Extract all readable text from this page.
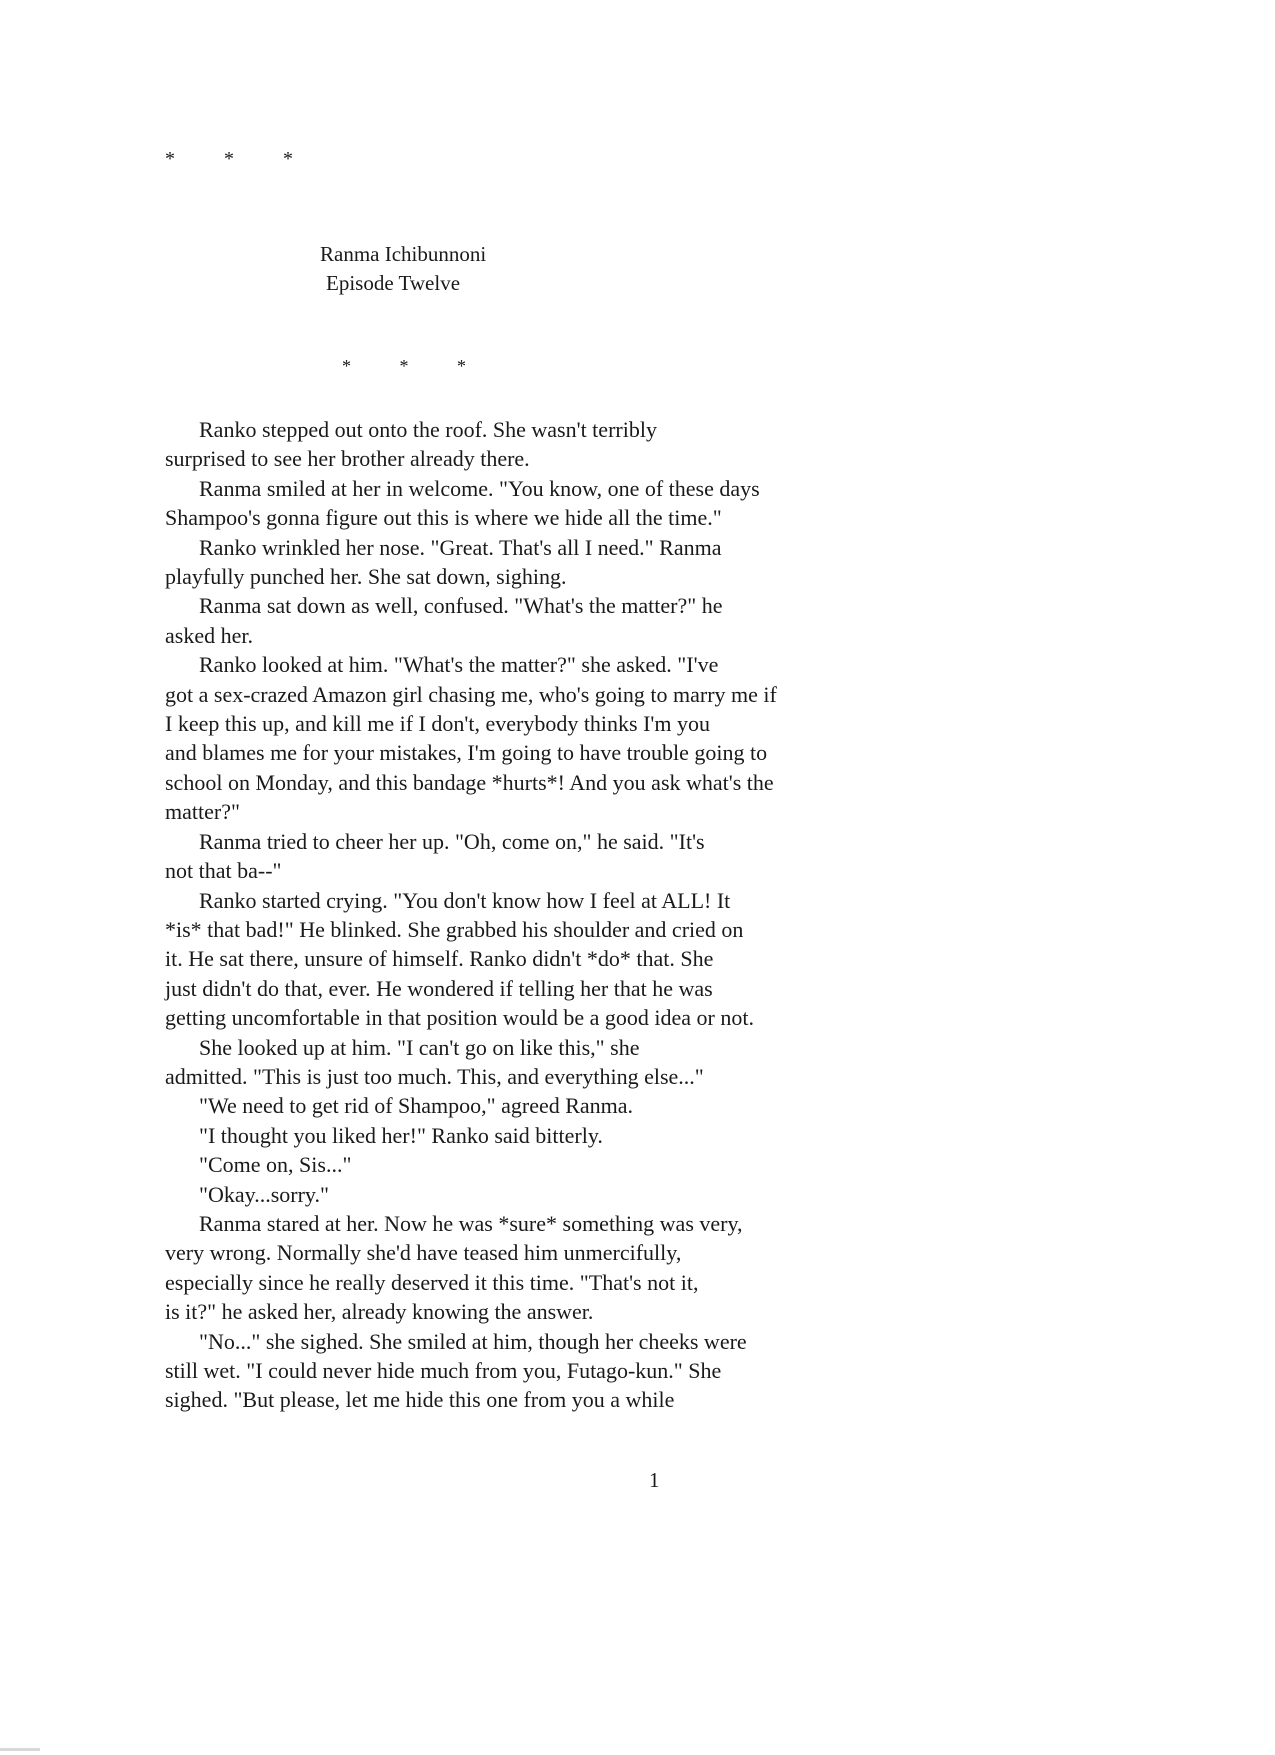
* * *
Ranma Ichibunnoni
Episode Twelve
* * *
Ranko stepped out onto the roof. She wasn't terribly
surprised to see her brother already there.
Ranma smiled at her in welcome. "You know, one of these days
Shampoo's gonna figure out this is where we hide all the time."
Ranko wrinkled her nose. "Great. That's all I need." Ranma
playfully punched her. She sat down, sighing.
Ranma sat down as well, confused. "What's the matter?" he
asked her.
Ranko looked at him. "What's the matter?" she asked. "I've
got a sex-crazed Amazon girl chasing me, who's going to marry me if
I keep this up, and kill me if I don't, everybody thinks I'm you
and blames me for your mistakes, I'm going to have trouble going to
school on Monday, and this bandage *hurts*! And you ask what's the
matter?"
Ranma tried to cheer her up. "Oh, come on," he said. "It's
not that ba--"
Ranko started crying. "You don't know how I feel at ALL! It
*is* that bad!" He blinked. She grabbed his shoulder and cried on
it. He sat there, unsure of himself. Ranko didn't *do* that. She
just didn't do that, ever. He wondered if telling her that he was
getting uncomfortable in that position would be a good idea or not.
She looked up at him. "I can't go on like this," she
admitted. "This is just too much. This, and everything else..."
"We need to get rid of Shampoo," agreed Ranma.
"I thought you liked her!" Ranko said bitterly.
"Come on, Sis..."
"Okay...sorry."
Ranma stared at her. Now he was *sure* something was very,
very wrong. Normally she'd have teased him unmercifully,
especially since he really deserved it this time. "That's not it,
is it?" he asked her, already knowing the answer.
"No..." she sighed. She smiled at him, though her cheeks were
still wet. "I could never hide much from you, Futago-kun." She
sighed. "But please, let me hide this one from you a while
1
